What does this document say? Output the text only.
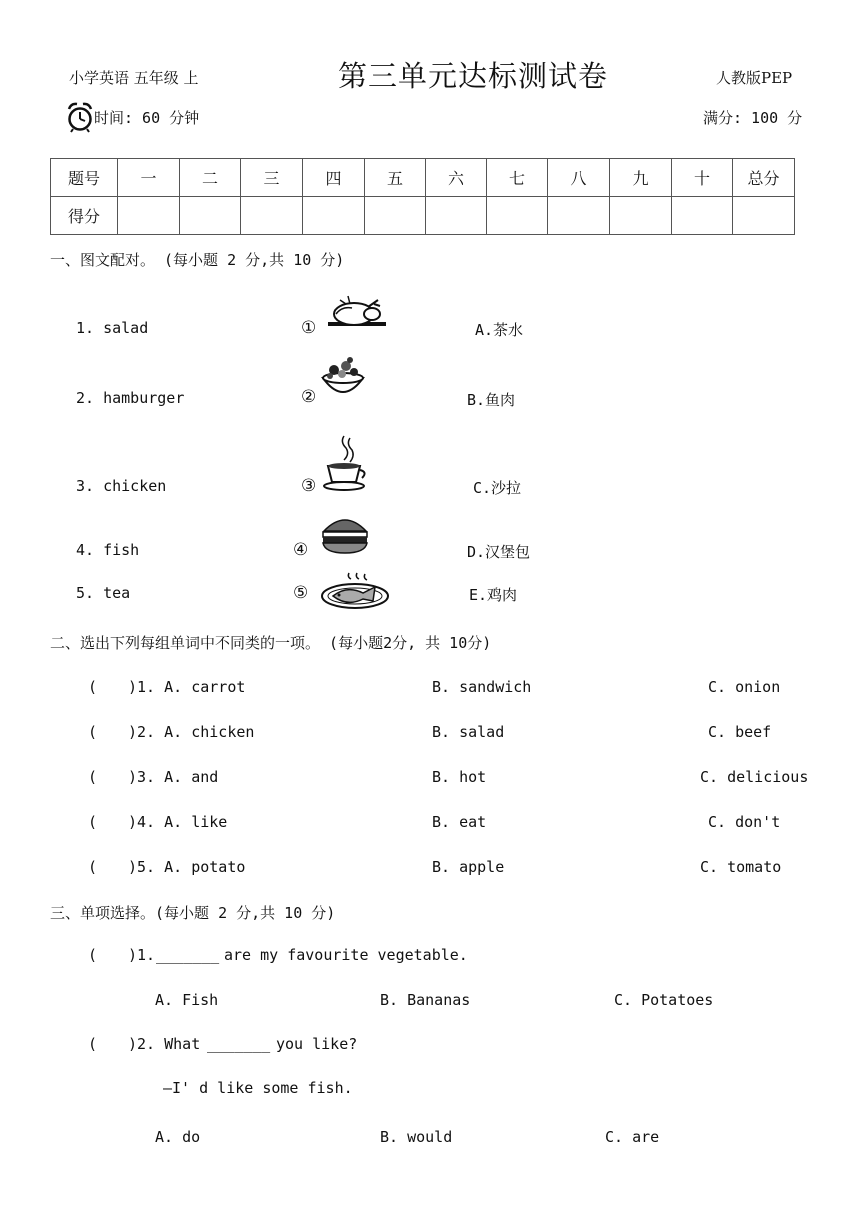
小学英语 五年级 上	第三单元达标测试卷	人教版PEP
时间: 60 分钟	满分: 100 分
题号	一	二	三	四	五	六	七	八	九	十	总分
得分											
一、图文配对。 (每小题 2 分,共 10 分)
1. salad	①	A.茶水
2. hamburger	②	B.鱼肉
3. chicken	③	C.沙拉
4. fish	④	D.汉堡包
5. tea	⑤	E.鸡肉
二、选出下列每组单词中不同类的一项。 (每小题2分, 共 10分)
( )1. A. carrot	B. sandwich	C. onion
( )2. A. chicken	B. salad	C. beef
( )3. A. and	B. hot	C. delicious
( )4. A. like	B. eat	C. don't
( )5. A. potato	B. apple	C. tomato
三、单项选择。(每小题 2 分,共 10 分)
( )1. _______ are my favourite vegetable.
A. Fish	B. Bananas	C. Potatoes
( )2. What _______ you like?
—I' d like some fish.
A. do	B. would	C. are
